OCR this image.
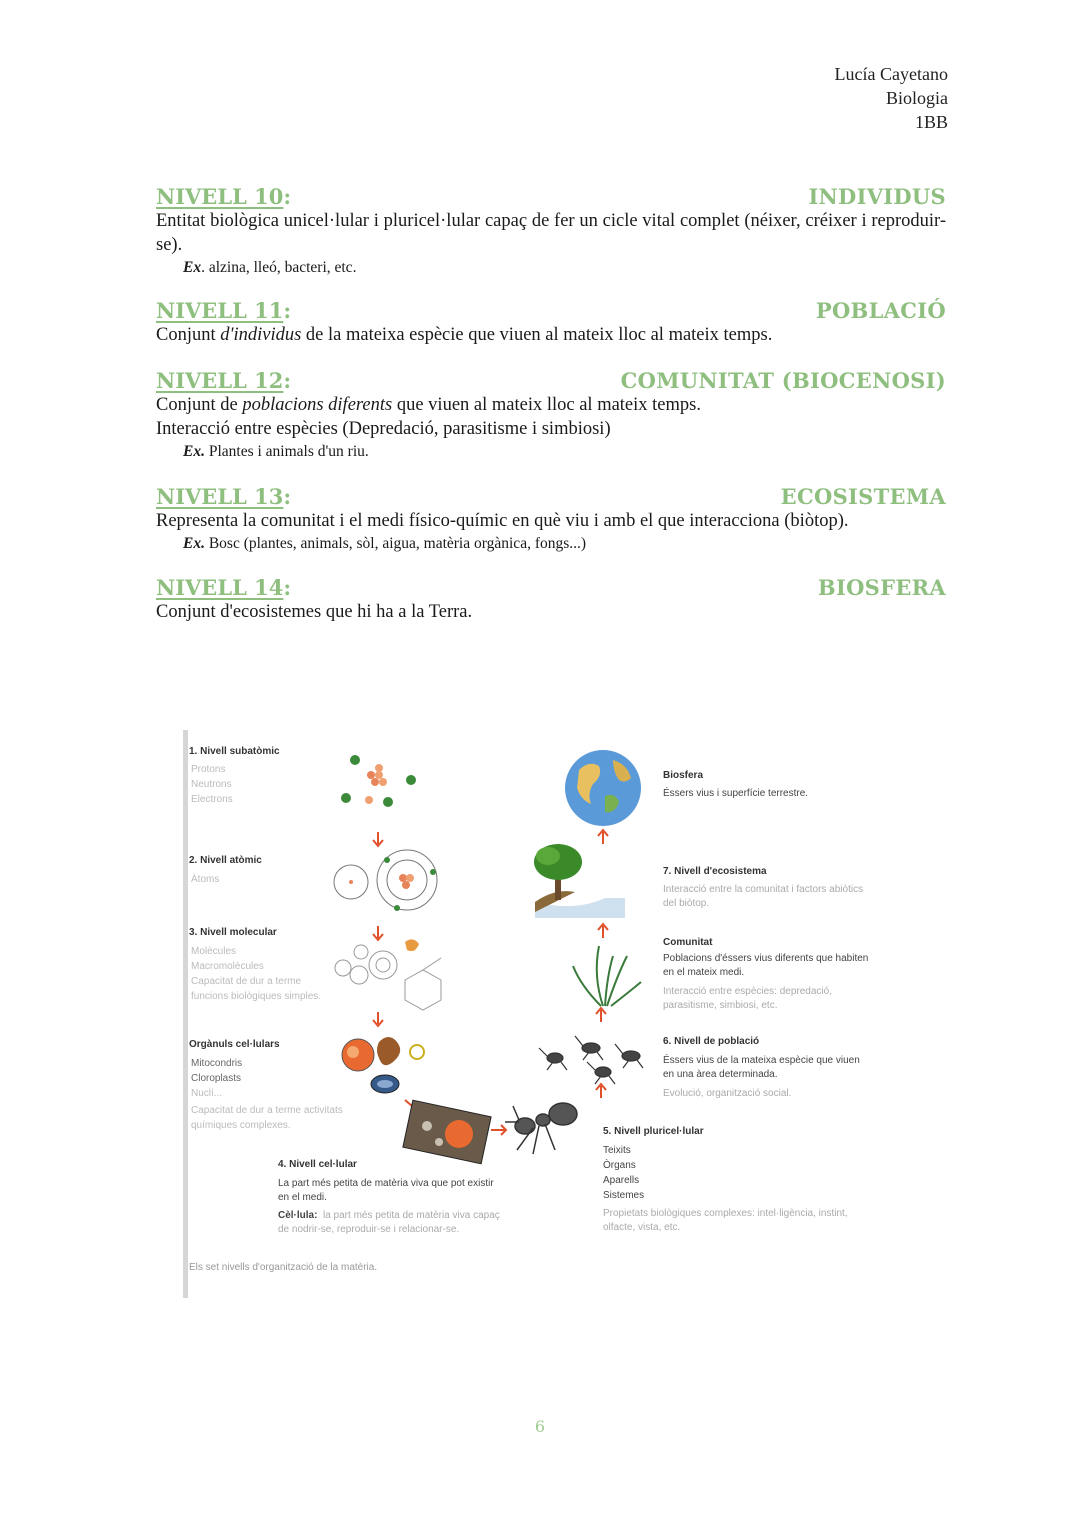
Lucía Cayetano
Biologia
1BB
NIVELL 10:	INDIVIDUS

Entitat biològica unicel·lular i pluricel·lular capaç de fer un cicle vital complet (néixer, créixer i reproduir-se).

Ex. alzina, lleó, bacteri, etc.

NIVELL 11:	POBLACIÓ

Conjunt d'individus de la mateixa espècie que viuen al mateix lloc al mateix temps.

NIVELL 12:	COMUNITAT (BIOCENOSI)

Conjunt de poblacions diferents que viuen al mateix lloc al mateix temps.

Interacció entre espècies (Depredació, parasitisme i simbiosi)

Ex. Plantes i animals d'un riu.

NIVELL 13:	ECOSISTEMA

Representa la comunitat i el medi físico-químic en què viu i amb el que interacciona (biòtop).

Ex. Bosc (plantes, animals, sòl, aigua, matèria orgànica, fongs...)

NIVELL 14:	BIOSFERA

Conjunt d'ecosistemes que hi ha a la Terra.

1. Nivell subatòmic
Protons
Neutrons
Electrons
2. Nivell atòmic
Àtoms
3. Nivell molecular
Molècules
Macromolècules
Capacitat de dur a terme
funcions biològiques simples.
Orgànuls cel·lulars
Mitocondris
Cloroplasts
Nuclí...
Capacitat de dur a terme activitats
químiques complexes.
4. Nivell cel·lular
La part més petita de matèria viva que pot existir
en el medi.
Cèl·lula: la part més petita de matèria viva capaç
de nodrir-se, reproduir-se i relacionar-se.
5. Nivell pluricel·lular
Teixits
Òrgans
Aparells
Sistemes
Propietats biològiques complexes: intel·ligència, instint,
olfacte, vista, etc.
6. Nivell de població
Éssers vius de la mateixa espècie que viuen
en una àrea determinada.
Evolució, organització social.
Comunitat
Poblacions d'éssers vius diferents que habiten
en el mateix medi.
Interacció entre espècies: depredació,
parasitisme, simbiosi, etc.
7. Nivell d'ecosistema
Interacció entre la comunitat i factors abiòtics
del biòtop.
Biosfera
Éssers vius i superfície terrestre.
Els set nivells d'organització de la matèria.
6
